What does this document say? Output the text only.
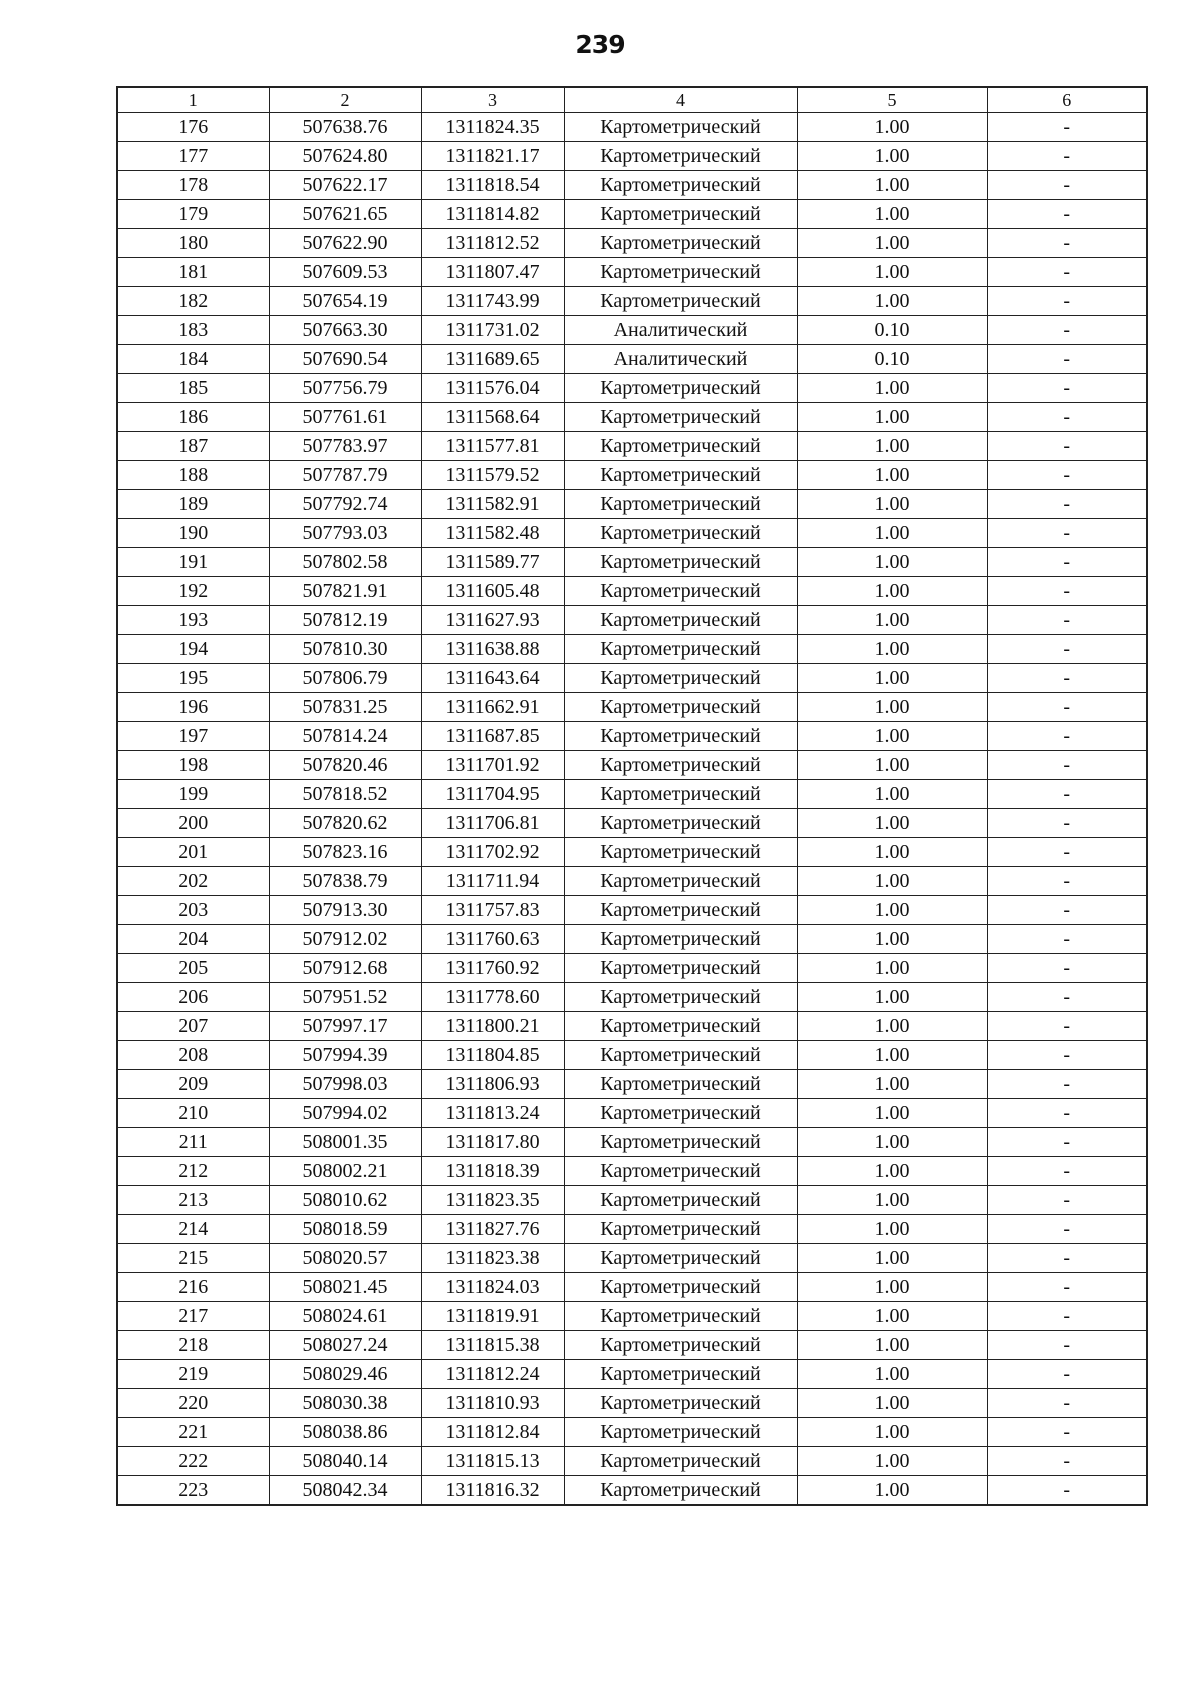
239
1	2	3	4	5	6
176	507638.76	1311824.35	Картометрический	1.00	-
177	507624.80	1311821.17	Картометрический	1.00	-
178	507622.17	1311818.54	Картометрический	1.00	-
179	507621.65	1311814.82	Картометрический	1.00	-
180	507622.90	1311812.52	Картометрический	1.00	-
181	507609.53	1311807.47	Картометрический	1.00	-
182	507654.19	1311743.99	Картометрический	1.00	-
183	507663.30	1311731.02	Аналитический	0.10	-
184	507690.54	1311689.65	Аналитический	0.10	-
185	507756.79	1311576.04	Картометрический	1.00	-
186	507761.61	1311568.64	Картометрический	1.00	-
187	507783.97	1311577.81	Картометрический	1.00	-
188	507787.79	1311579.52	Картометрический	1.00	-
189	507792.74	1311582.91	Картометрический	1.00	-
190	507793.03	1311582.48	Картометрический	1.00	-
191	507802.58	1311589.77	Картометрический	1.00	-
192	507821.91	1311605.48	Картометрический	1.00	-
193	507812.19	1311627.93	Картометрический	1.00	-
194	507810.30	1311638.88	Картометрический	1.00	-
195	507806.79	1311643.64	Картометрический	1.00	-
196	507831.25	1311662.91	Картометрический	1.00	-
197	507814.24	1311687.85	Картометрический	1.00	-
198	507820.46	1311701.92	Картометрический	1.00	-
199	507818.52	1311704.95	Картометрический	1.00	-
200	507820.62	1311706.81	Картометрический	1.00	-
201	507823.16	1311702.92	Картометрический	1.00	-
202	507838.79	1311711.94	Картометрический	1.00	-
203	507913.30	1311757.83	Картометрический	1.00	-
204	507912.02	1311760.63	Картометрический	1.00	-
205	507912.68	1311760.92	Картометрический	1.00	-
206	507951.52	1311778.60	Картометрический	1.00	-
207	507997.17	1311800.21	Картометрический	1.00	-
208	507994.39	1311804.85	Картометрический	1.00	-
209	507998.03	1311806.93	Картометрический	1.00	-
210	507994.02	1311813.24	Картометрический	1.00	-
211	508001.35	1311817.80	Картометрический	1.00	-
212	508002.21	1311818.39	Картометрический	1.00	-
213	508010.62	1311823.35	Картометрический	1.00	-
214	508018.59	1311827.76	Картометрический	1.00	-
215	508020.57	1311823.38	Картометрический	1.00	-
216	508021.45	1311824.03	Картометрический	1.00	-
217	508024.61	1311819.91	Картометрический	1.00	-
218	508027.24	1311815.38	Картометрический	1.00	-
219	508029.46	1311812.24	Картометрический	1.00	-
220	508030.38	1311810.93	Картометрический	1.00	-
221	508038.86	1311812.84	Картометрический	1.00	-
222	508040.14	1311815.13	Картометрический	1.00	-
223	508042.34	1311816.32	Картометрический	1.00	-
